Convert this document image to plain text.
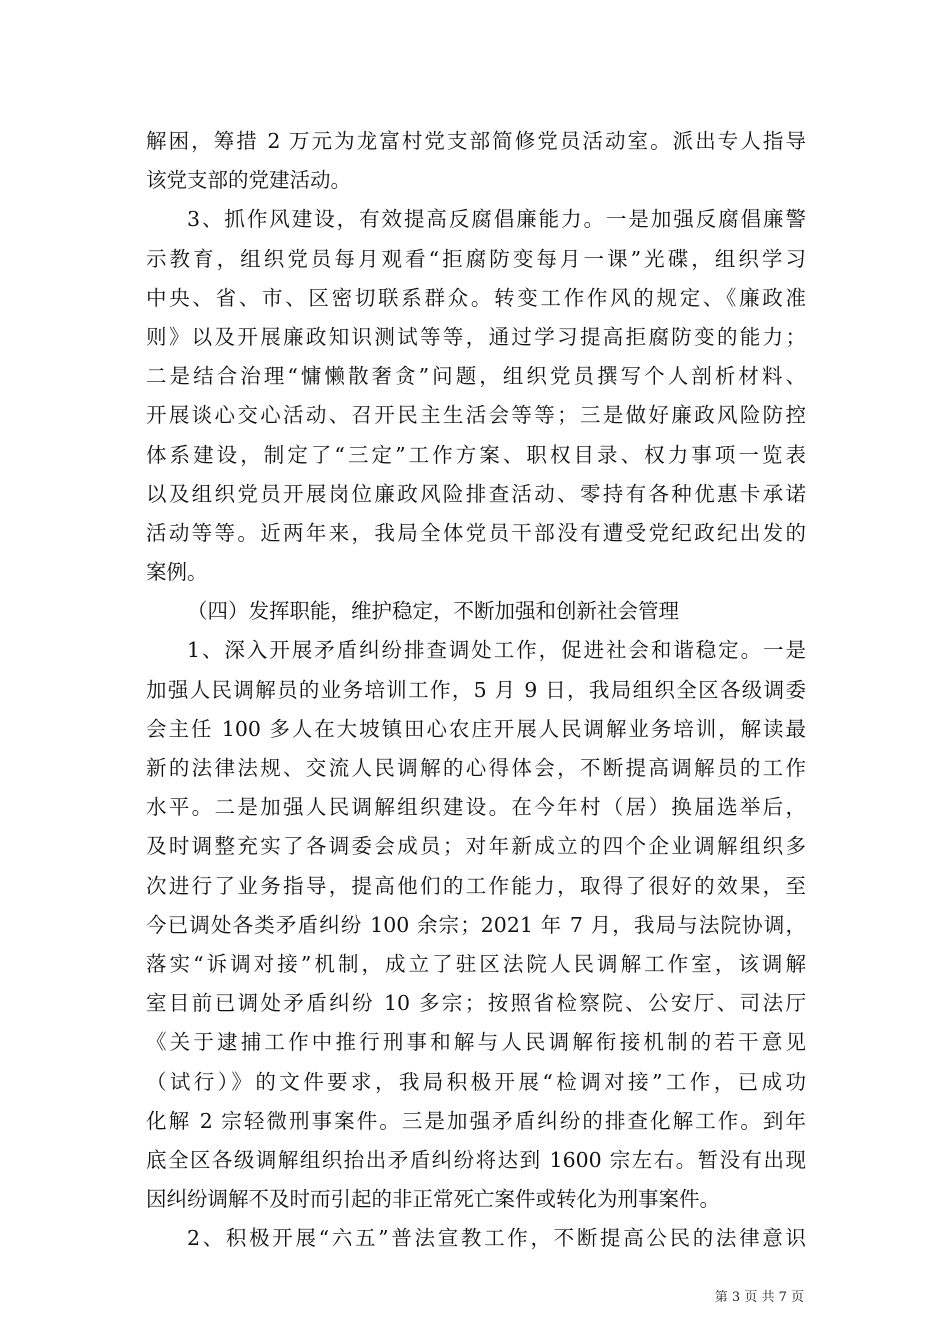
解困，筹措 2 万元为龙富村党支部简修党员活动室。派出专人指导
该党支部的党建活动。

3、抓作风建设，有效提高反腐倡廉能力。一是加强反腐倡廉警
示教育，组织党员每月观看“拒腐防变每月一课”光碟，组织学习
中央、省、市、区密切联系群众。转变工作作风的规定、《廉政准
则》以及开展廉政知识测试等等，通过学习提高拒腐防变的能力；
二是结合治理“慵懒散奢贪”问题，组织党员撰写个人剖析材料、
开展谈心交心活动、召开民主生活会等等；三是做好廉政风险防控
体系建设，制定了“三定”工作方案、职权目录、权力事项一览表
以及组织党员开展岗位廉政风险排查活动、零持有各种优惠卡承诺
活动等等。近两年来，我局全体党员干部没有遭受党纪政纪出发的
案例。

（四）发挥职能，维护稳定，不断加强和创新社会管理

1、深入开展矛盾纠纷排查调处工作，促进社会和谐稳定。一是
加强人民调解员的业务培训工作，5 月 9 日，我局组织全区各级调委
会主任 100 多人在大坡镇田心农庄开展人民调解业务培训，解读最
新的法律法规、交流人民调解的心得体会，不断提高调解员的工作
水平。二是加强人民调解组织建设。在今年村（居）换届选举后，
及时调整充实了各调委会成员；对年新成立的四个企业调解组织多
次进行了业务指导，提高他们的工作能力，取得了很好的效果，至
今已调处各类矛盾纠纷 100 余宗；2021 年 7 月，我局与法院协调，
落实“诉调对接”机制，成立了驻区法院人民调解工作室，该调解
室目前已调处矛盾纠纷 10 多宗；按照省检察院、公安厅、司法厅
《关于逮捕工作中推行刑事和解与人民调解衔接机制的若干意见
（试行）》的文件要求，我局积极开展“检调对接”工作，已成功
化解 2 宗轻微刑事案件。三是加强矛盾纠纷的排查化解工作。到年
底全区各级调解组织抬出矛盾纠纷将达到 1600 宗左右。暂没有出现
因纠纷调解不及时而引起的非正常死亡案件或转化为刑事案件。

2、积极开展“六五”普法宣教工作，不断提高公民的法律意识

第 3 页 共 7 页
